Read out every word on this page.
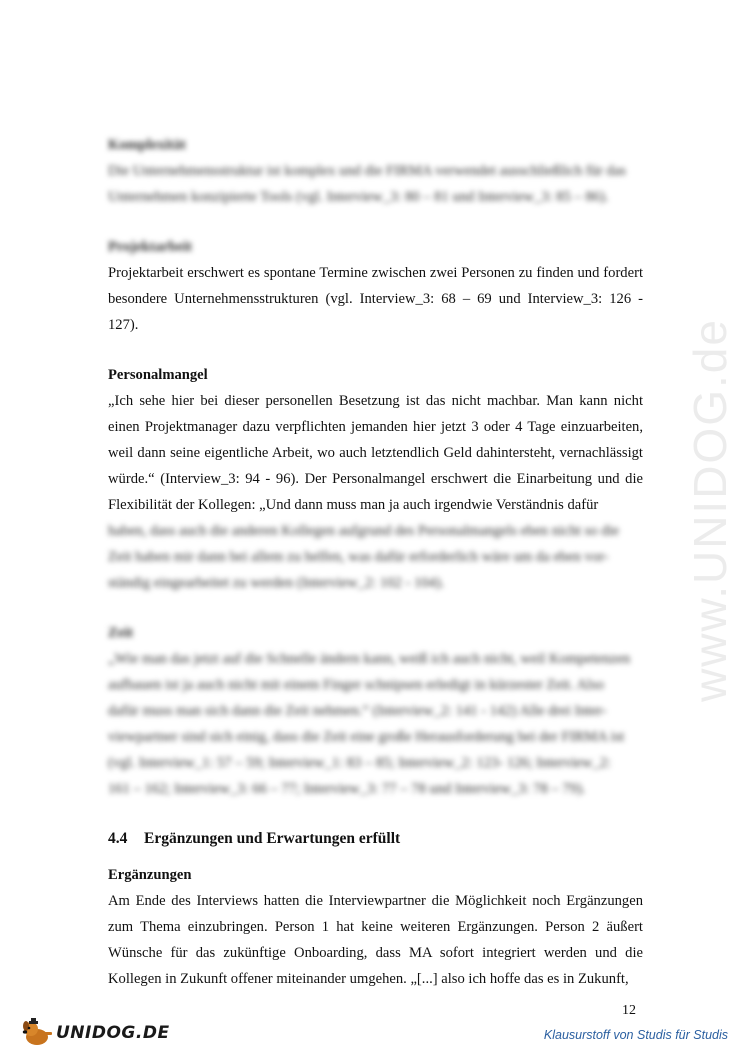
www.UNIDOG.de

Komplexität

Die Unternehmensstruktur ist komplex und die FIRMA verwendet ausschließlich für das

Unternehmen konzipierte Tools (vgl. Interview_3: 80 – 81 und Interview_3: 85 – 86).

Projektarbeit

Projektarbeit erschwert es spontane Termine zwischen zwei Personen zu finden und fordert besondere Unternehmensstrukturen (vgl. Interview_3: 68 – 69 und Interview_3: 126 - 127).

Personalmangel

„Ich sehe hier bei dieser personellen Besetzung ist das nicht machbar. Man kann nicht einen Projektmanager dazu verpflichten jemanden hier jetzt 3 oder 4 Tage einzuarbeiten, weil dann seine eigentliche Arbeit, wo auch letztendlich Geld dahintersteht, vernachlässigt würde.“ (Interview_3: 94 - 96). Der Personalmangel erschwert die Einarbeitung und die Flexibilität der Kollegen: „Und dann muss man ja auch irgendwie Verständnis dafür

haben, dass auch die anderen Kollegen aufgrund des Personalmangels eben nicht so die

Zeit haben mir dann bei allem zu helfen, was dafür erforderlich wäre um da eben vor-

ständig eingearbeitet zu werden (Interview_2: 102 - 104).

Zeit

„Wie man das jetzt auf die Schnelle ändern kann, weiß ich auch nicht, weil Kompetenzen

aufbauen ist ja auch nicht mit einem Finger schnipsen erledigt in kürzester Zeit. Also

dafür muss man sich dann die Zeit nehmen.“ (Interview_2: 141 - 142) Alle drei Inter-

viewpartner sind sich einig, dass die Zeit eine große Herausforderung bei der FIRMA ist

(vgl. Interview_1: 57 – 59; Interview_1: 83 – 85; Interview_2: 123- 126; Interview_2:

161 – 162; Interview_3: 66 – 77; Interview_3: 77 – 78 und Interview_3: 78 – 79).

4.4	Ergänzungen und Erwartungen erfüllt

Ergänzungen

Am Ende des Interviews hatten die Interviewpartner die Möglichkeit noch Ergänzungen zum Thema einzubringen. Person 1 hat keine weiteren Ergänzungen. Person 2 äußert Wünsche für das zukünftige Onboarding, dass MA sofort integriert werden und die Kollegen in Zukunft offener miteinander umgehen. „[...] also ich hoffe das es in Zukunft,

12
UNIDOG.DE	Klausurstoff von Studis für Studis
